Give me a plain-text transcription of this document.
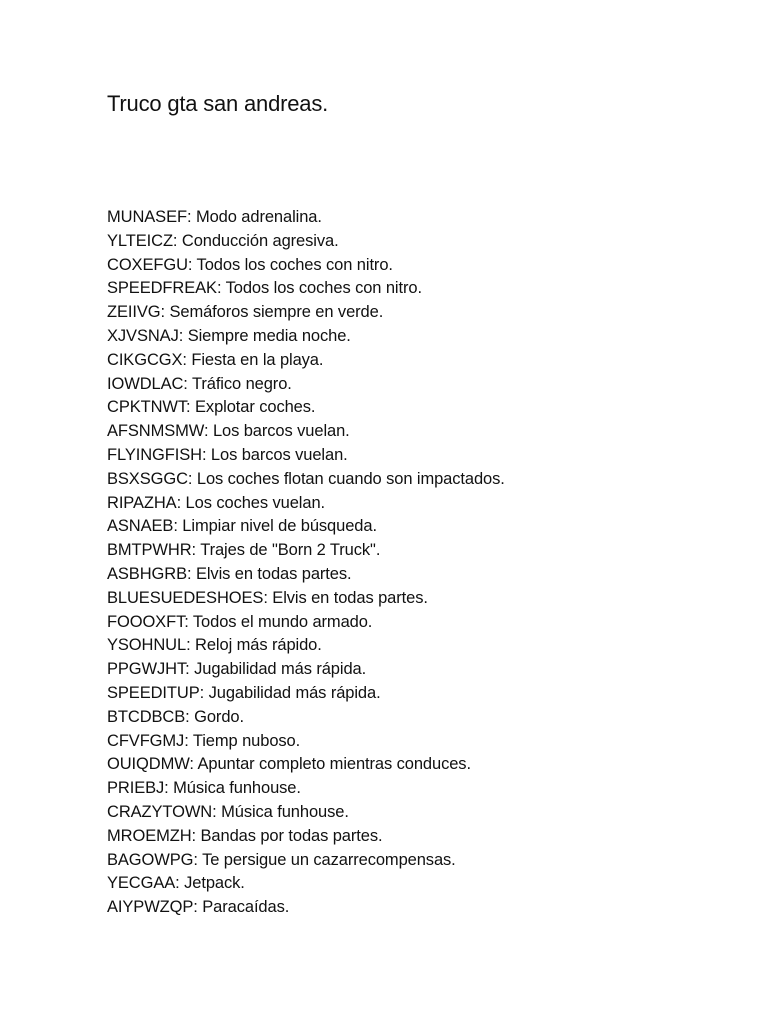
Truco gta san andreas.
MUNASEF: Modo adrenalina.
YLTEICZ: Conducción agresiva.
COXEFGU: Todos los coches con nitro.
SPEEDFREAK: Todos los coches con nitro.
ZEIIVG: Semáforos siempre en verde.
XJVSNAJ: Siempre media noche.
CIKGCGX: Fiesta en la playa.
IOWDLAC: Tráfico negro.
CPKTNWT: Explotar coches.
AFSNMSMW: Los barcos vuelan.
FLYINGFISH: Los barcos vuelan.
BSXSGGC: Los coches flotan cuando son impactados.
RIPAZHA: Los coches vuelan.
ASNAEB: Limpiar nivel de búsqueda.
BMTPWHR: Trajes de "Born 2 Truck".
ASBHGRB: Elvis en todas partes.
BLUESUEDESHOES: Elvis en todas partes.
FOOOXFT: Todos el mundo armado.
YSOHNUL: Reloj más rápido.
PPGWJHT: Jugabilidad más rápida.
SPEEDITUP: Jugabilidad más rápida.
BTCDBCB: Gordo.
CFVFGMJ: Tiemp nuboso.
OUIQDMW: Apuntar completo mientras conduces.
PRIEBJ: Música funhouse.
CRAZYTOWN: Música funhouse.
MROEMZH: Bandas por todas partes.
BAGOWPG: Te persigue un cazarrecompensas.
YECGAA: Jetpack.
AIYPWZQP: Paracaídas.
